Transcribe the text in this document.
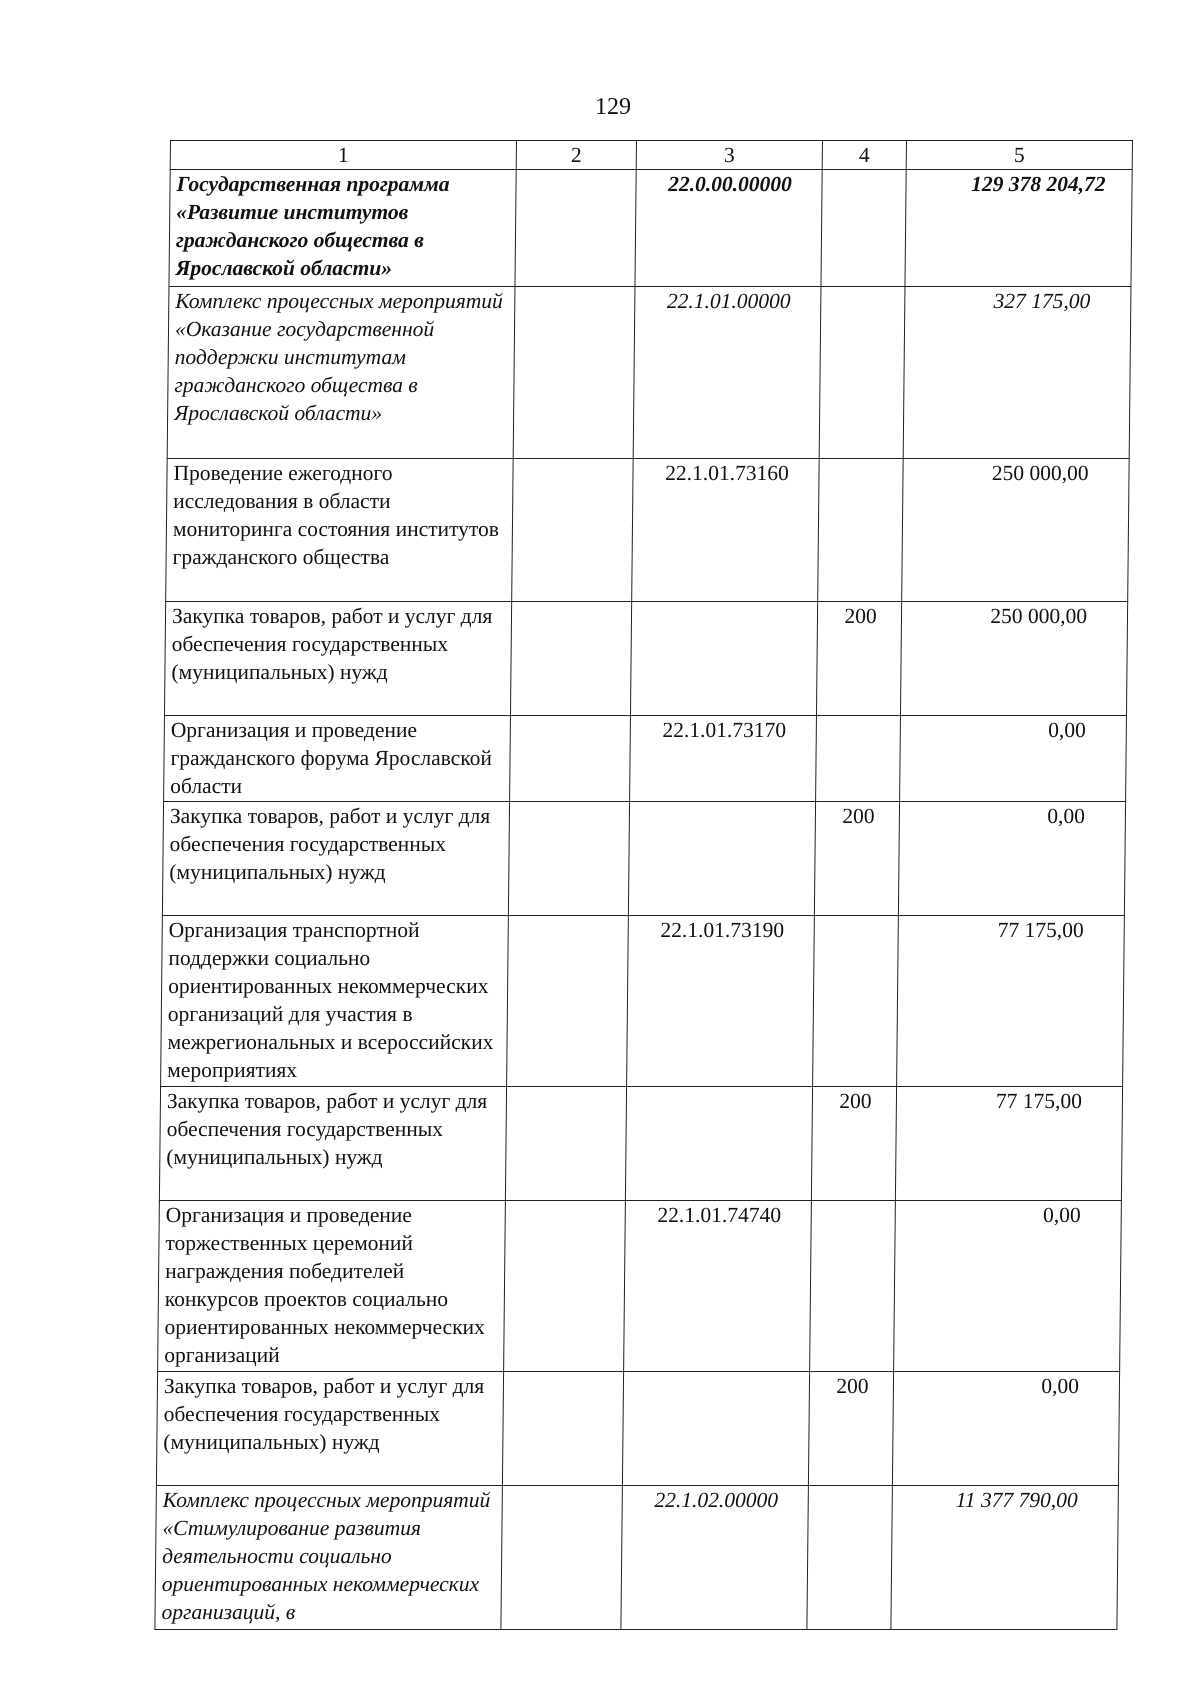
129
1	2	3	4	5
Государственная программа «Развитие институтов гражданского общества в Ярославской области»		22.0.00.00000		129 378 204,72
Комплекс процессных мероприятий «Оказание государственной поддержки институтам гражданского общества в Ярославской области»		22.1.01.00000		327 175,00
Проведение ежегодного исследования в области мониторинга состояния институтов гражданского общества		22.1.01.73160		250 000,00
Закупка товаров, работ и услуг для обеспечения государственных (муниципальных) нужд			200	250 000,00
Организация и проведение гражданского форума Ярославской области		22.1.01.73170		0,00
Закупка товаров, работ и услуг для обеспечения государственных (муниципальных) нужд			200	0,00
Организация транспортной поддержки социально ориентированных некоммерческих организаций для участия в межрегиональных и всероссийских мероприятиях		22.1.01.73190		77 175,00
Закупка товаров, работ и услуг для обеспечения государственных (муниципальных) нужд			200	77 175,00
Организация и проведение торжественных церемоний награждения победителей конкурсов проектов социально ориентированных некоммерческих организаций		22.1.01.74740		0,00
Закупка товаров, работ и услуг для обеспечения государственных (муниципальных) нужд			200	0,00
Комплекс процессных мероприятий «Стимулирование развития деятельности социально ориентированных некоммерческих организаций, в		22.1.02.00000		11 377 790,00
